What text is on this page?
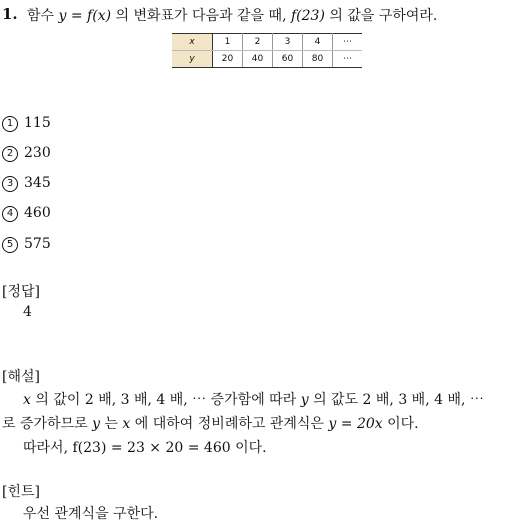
1. 함수 y = f(x) 의 변화표가 다음과 같을 때, f(23) 의 값을 구하여라.
x	1	2	3	4	⋯
y	20	40	60	80	⋯
1 115
2 230
3 345
4 460
5 575
[정답]
4
[해설]
x 의 값이 2 배, 3 배, 4 배, ⋯ 증가함에 따라 y 의 값도 2 배, 3 배, 4 배, ⋯
로 증가하므로 y 는 x 에 대하여 정비례하고 관계식은 y = 20x 이다.
따라서, f(23) = 23 × 20 = 460 이다.
[힌트]
우선 관계식을 구한다.
